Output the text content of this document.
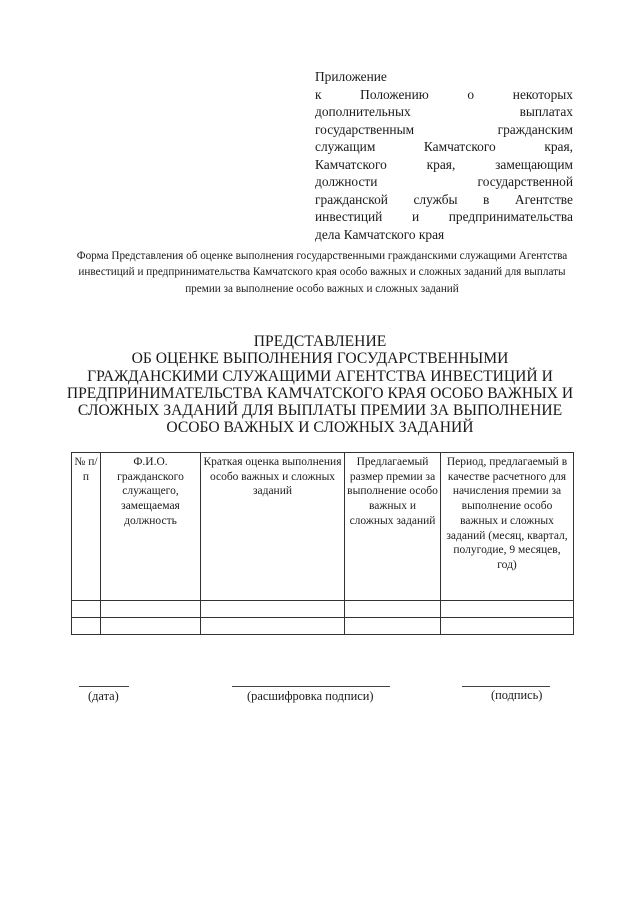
Приложение
к Положению о некоторых
дополнительных выплатах
государственным гражданским
служащим Камчатского края,
Камчатского края, замещающим
должности государственной
гражданской службы в Агентстве
инвестиций и предпринимательства
дела Камчатского края
Форма Представления об оценке выполнения государственными гражданскими служащими Агентства инвестиций и предпринимательства Камчатского края особо важных и сложных заданий для выплаты премии за выполнение особо важных и сложных заданий
ПРЕДСТАВЛЕНИЕ
ОБ ОЦЕНКЕ ВЫПОЛНЕНИЯ ГОСУДАРСТВЕННЫМИ
ГРАЖДАНСКИМИ СЛУЖАЩИМИ АГЕНТСТВА ИНВЕСТИЦИЙ И
ПРЕДПРИНИМАТЕЛЬСТВА КАМЧАТСКОГО КРАЯ ОСОБО ВАЖНЫХ И
СЛОЖНЫХ ЗАДАНИЙ ДЛЯ ВЫПЛАТЫ ПРЕМИИ ЗА ВЫПОЛНЕНИЕ
ОСОБО ВАЖНЫХ И СЛОЖНЫХ ЗАДАНИЙ
№ п/п	Ф.И.О. гражданского служащего, замещаемая должность	Краткая оценка выполнения особо важных и сложных заданий	Предлагаемый размер премии за выполнение особо важных и сложных заданий	Период, предлагаемый в качестве расчетного для начисления премии за выполнение особо важных и сложных заданий (месяц, квартал, полугодие, 9 месяцев, год)

(дата)	(расшифровка подписи)	(подпись)
